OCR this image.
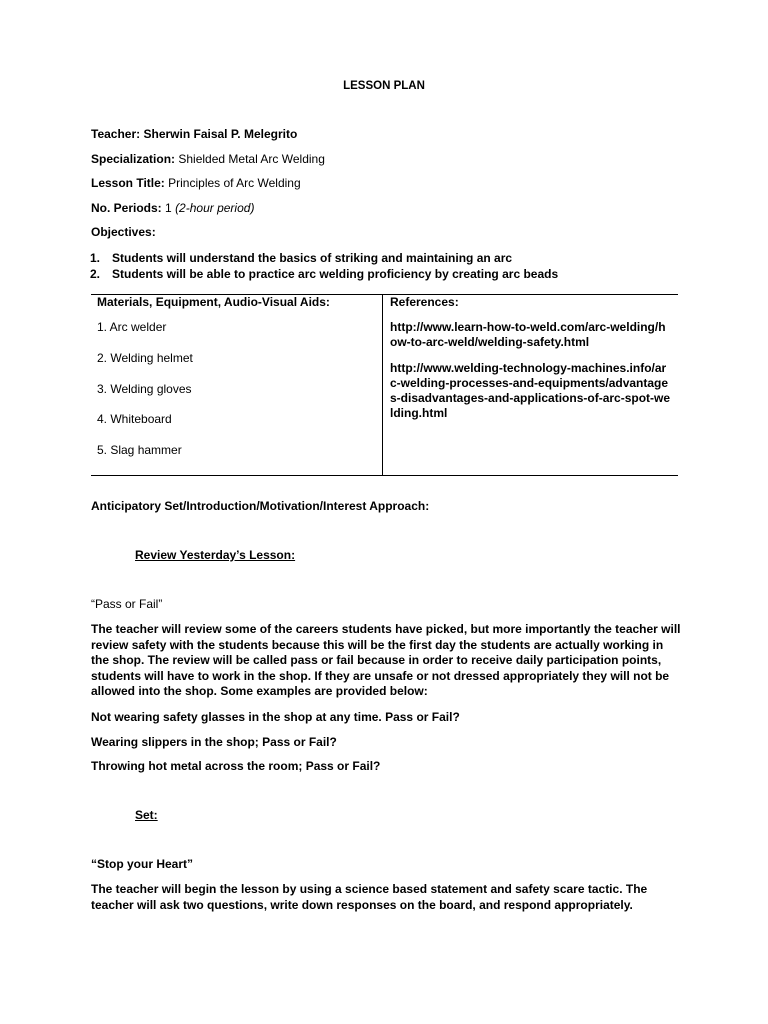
LESSON PLAN
Teacher: Sherwin Faisal P. Melegrito
Specialization: Shielded Metal Arc Welding
Lesson Title: Principles of Arc Welding
No. Periods: 1 (2-hour period)
Objectives:
1. Students will understand the basics of striking and maintaining an arc
2. Students will be able to practice arc welding proficiency by creating arc beads
Materials, Equipment, Audio-Visual Aids:
1. Arc welder
2. Welding helmet
3. Welding gloves
4. Whiteboard
5. Slag hammer
References:
http://www.learn-how-to-weld.com/arc-welding/how-to-arc-weld/welding-safety.html
http://www.welding-technology-machines.info/arc-welding-processes-and-equipments/advantages-disadvantages-and-applications-of-arc-spot-welding.html
Anticipatory Set/Introduction/Motivation/Interest Approach:
Review Yesterday’s Lesson:
“Pass or Fail”
The teacher will review some of the careers students have picked, but more importantly the teacher will review safety with the students because this will be the first day the students are actually working in the shop. The review will be called pass or fail because in order to receive daily participation points, students will have to work in the shop. If they are unsafe or not dressed appropriately they will not be allowed into the shop. Some examples are provided below:
Not wearing safety glasses in the shop at any time. Pass or Fail?
Wearing slippers in the shop; Pass or Fail?
Throwing hot metal across the room; Pass or Fail?
Set:
“Stop your Heart”
The teacher will begin the lesson by using a science based statement and safety scare tactic. The teacher will ask two questions, write down responses on the board, and respond appropriately.
